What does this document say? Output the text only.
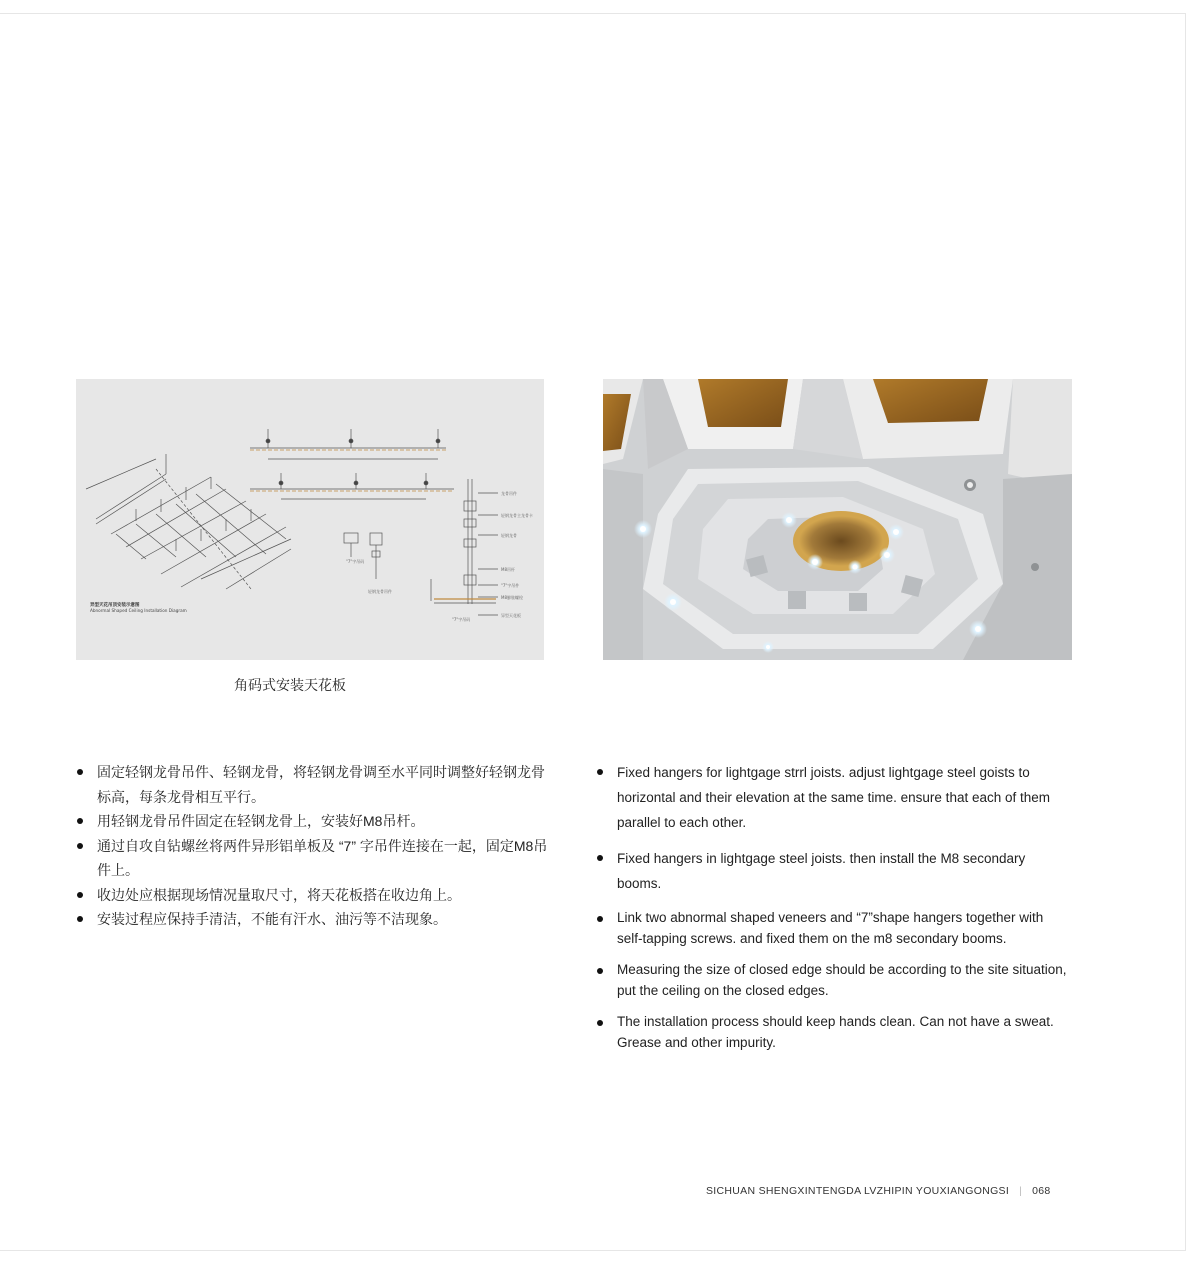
龙骨吊件
轻钢龙骨主龙骨卡
轻钢龙骨
M8吊杆
"7"字吊件
M8膨胀螺栓
异型天花板
"7"字吊码
"7"字吊码
轻钢龙骨吊件
异型天花吊顶安装示意图
Abnormal Shaped Ceiling Installation Diagram
角码式安装天花板
固定轻钢龙骨吊件、轻钢龙骨，将轻钢龙骨调至水平同时调整好轻钢龙骨标高，每条龙骨相互平行。
用轻钢龙骨吊件固定在轻钢龙骨上，安装好M8吊杆。
通过自攻自钻螺丝将两件异形铝单板及 “7” 字吊件连接在一起，固定M8吊件上。
收边处应根据现场情况量取尺寸，将天花板搭在收边角上。
安装过程应保持手清洁，不能有汗水、油污等不洁现象。
Fixed hangers for lightgage strrl joists. adjust lightgage steel goists to horizontal and their elevation at the same time. ensure that each of them parallel to each other.
Fixed hangers in lightgage steel joists. then install the M8 secondary booms.
Link two abnormal shaped veneers and “7”shape hangers together with self-tapping screws. and fixed them on the m8 secondary booms.
Measuring the size of closed edge should be according to the site situation, put the ceiling on the closed edges.
The installation process should keep hands clean. Can not have a sweat. Grease and other impurity.
SICHUAN SHENGXINTENGDA LVZHIPIN YOUXIANGONGSI | 068
